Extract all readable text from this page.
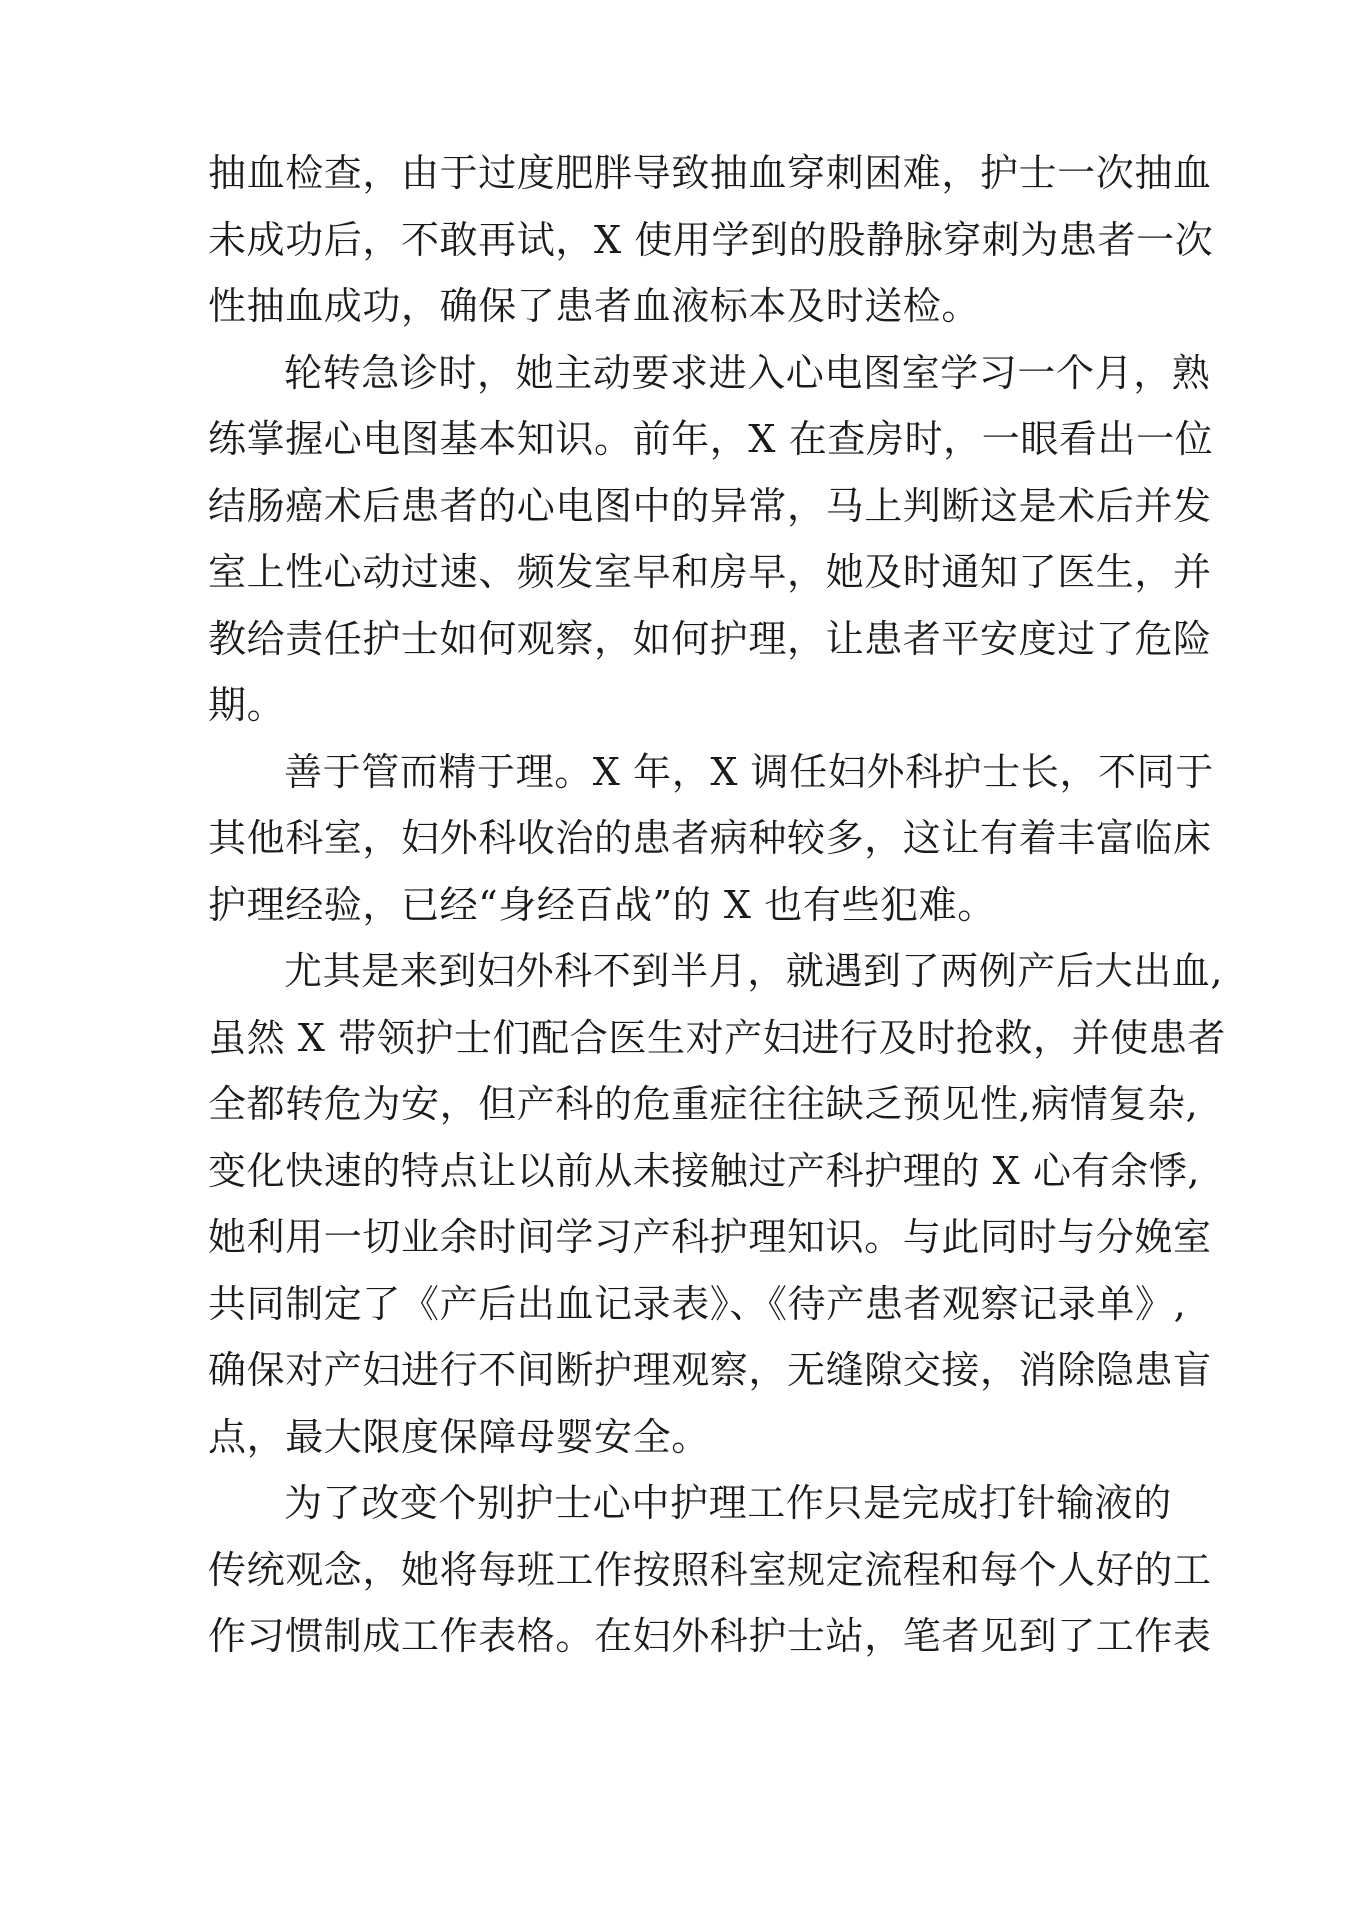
抽血检查，由于过度肥胖导致抽血穿刺困难，护士一次抽血
未成功后，不敢再试，X 使用学到的股静脉穿刺为患者一次
性抽血成功，确保了患者血液标本及时送检。
轮转急诊时，她主动要求进入心电图室学习一个月，熟
练掌握心电图基本知识。前年，X 在查房时，一眼看出一位
结肠癌术后患者的心电图中的异常，马上判断这是术后并发
室上性心动过速、频发室早和房早，她及时通知了医生，并
教给责任护士如何观察，如何护理，让患者平安度过了危险
期。
善于管而精于理。X 年，X 调任妇外科护士长，不同于
其他科室，妇外科收治的患者病种较多，这让有着丰富临床
护理经验，已经“身经百战”的 X 也有些犯难。
尤其是来到妇外科不到半月，就遇到了两例产后大出血,
虽然 X 带领护士们配合医生对产妇进行及时抢救，并使患者
全都转危为安，但产科的危重症往往缺乏预见性,病情复杂,
变化快速的特点让以前从未接触过产科护理的 X 心有余悸,
她利用一切业余时间学习产科护理知识。与此同时与分娩室
共同制定了《产后出血记录表》、《待产患者观察记录单》,
确保对产妇进行不间断护理观察，无缝隙交接，消除隐患盲
点，最大限度保障母婴安全。
为了改变个别护士心中护理工作只是完成打针输液的
传统观念，她将每班工作按照科室规定流程和每个人好的工
作习惯制成工作表格。在妇外科护士站，笔者见到了工作表
